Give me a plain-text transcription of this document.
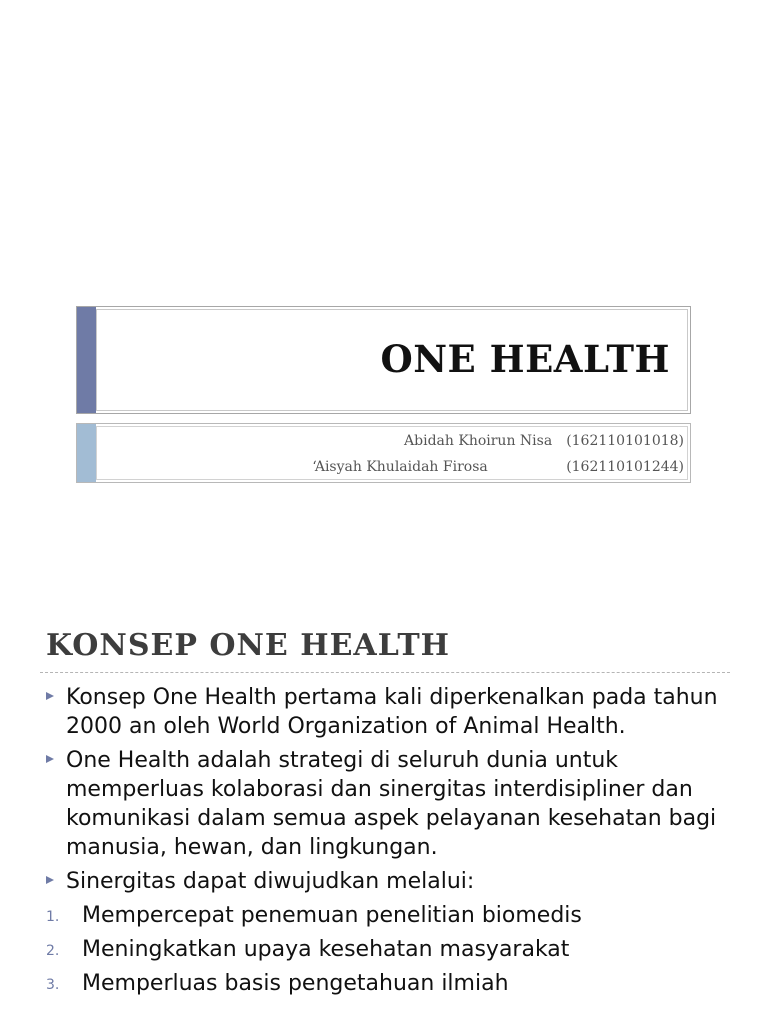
ONE HEALTH
Abidah Khoirun Nisa (162110101018)
‘Aisyah Khulaidah Firosa	(162110101244)
KONSEP ONE HEALTH
Konsep One Health pertama kali diperkenalkan pada tahun 2000 an oleh World Organization of Animal Health.
One Health adalah strategi di seluruh dunia untuk memperluas kolaborasi dan sinergitas interdisipliner dan komunikasi dalam semua aspek pelayanan kesehatan bagi manusia, hewan, dan lingkungan.
Sinergitas dapat diwujudkan melalui:
1. Mempercepat penemuan penelitian biomedis
2. Meningkatkan upaya kesehatan masyarakat
3. Memperluas basis pengetahuan ilmiah
